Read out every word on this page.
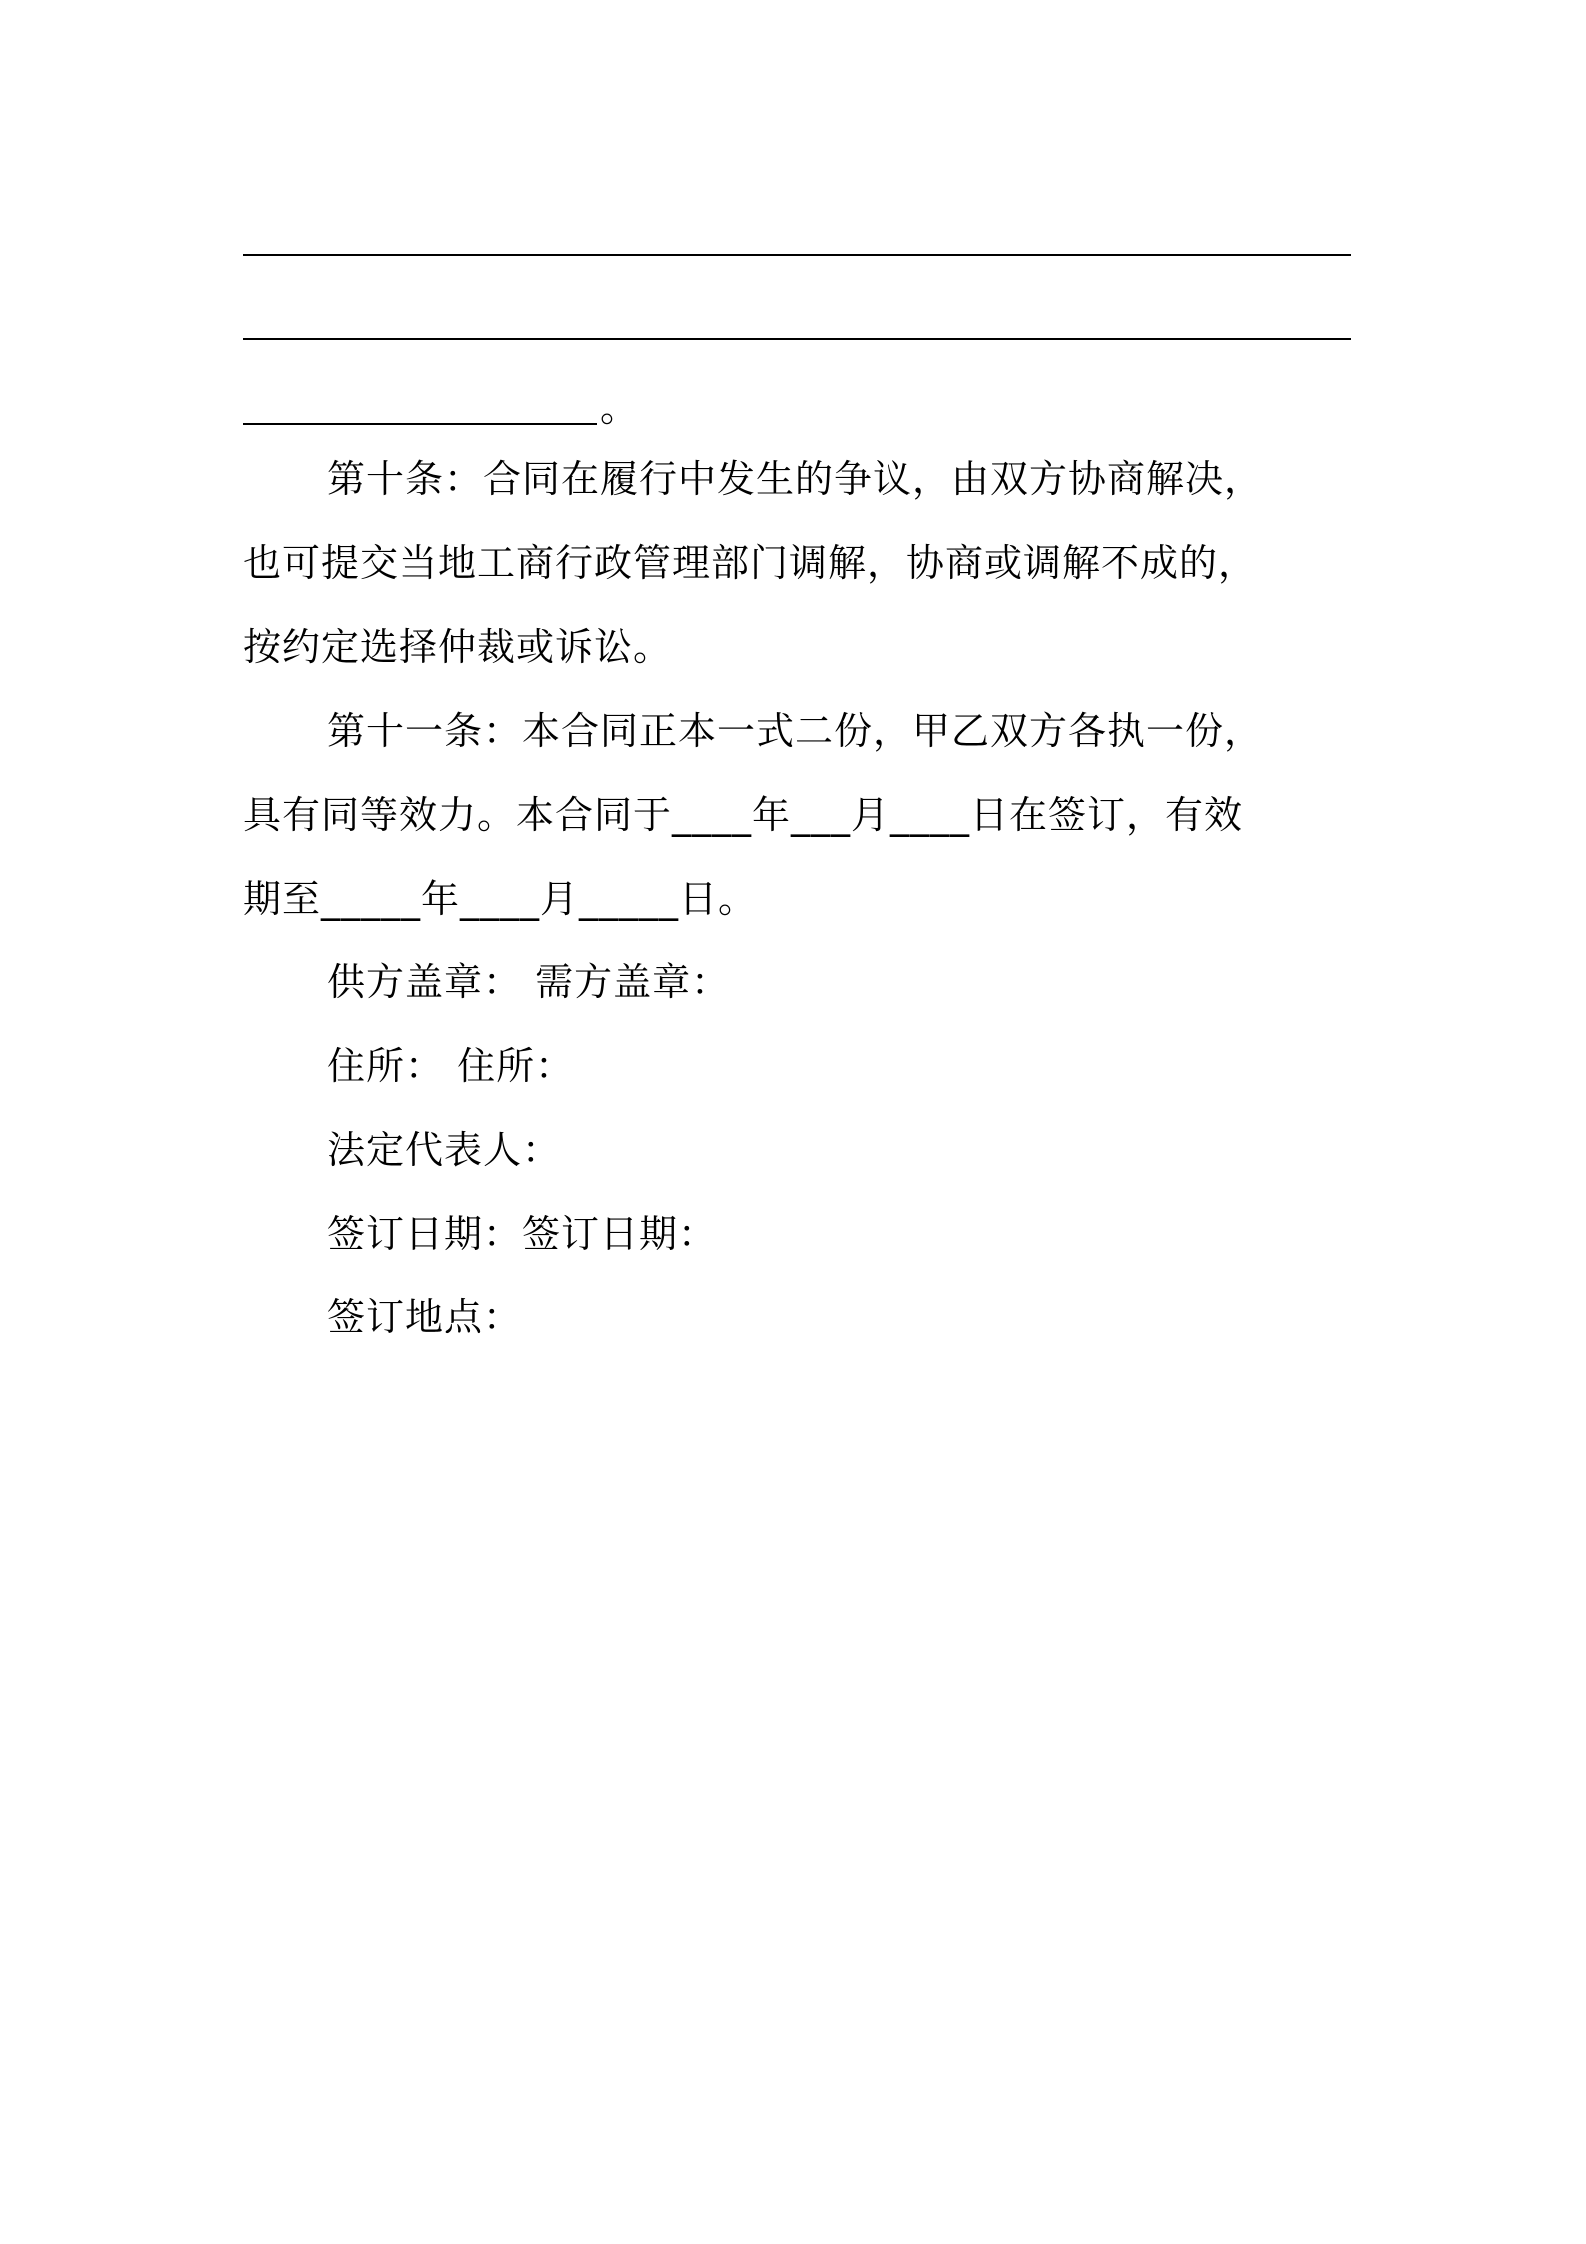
。
第十条：合同在履行中发生的争议，由双方协商解决，
也可提交当地工商行政管理部门调解，协商或调解不成的，
按约定选择仲裁或诉讼。
第十一条：本合同正本一式二份，甲乙双方各执一份，
具有同等效力。本合同于____年___月____日在签订，有效
期至_____年____月_____日。
供方盖章： 需方盖章：
住所： 住所：
法定代表人：
签订日期：签订日期：
签订地点：
